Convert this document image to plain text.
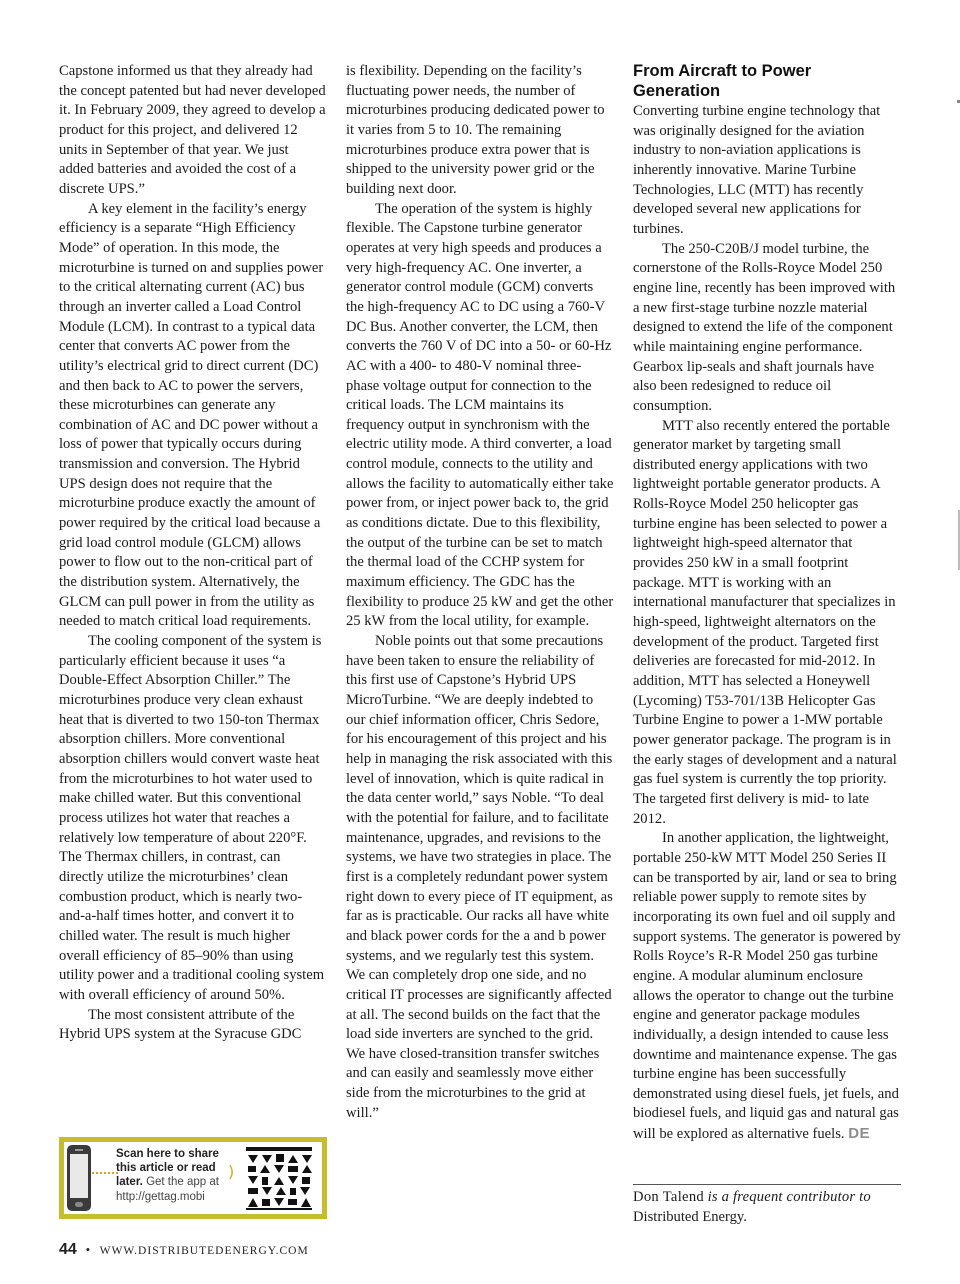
Capstone informed us that they already had the concept patented but had never developed it. In February 2009, they agreed to develop a product for this project, and delivered 12 units in September of that year. We just added batteries and avoided the cost of a discrete UPS.”

A key element in the facility’s energy efficiency is a separate “High Efficiency Mode” of operation. In this mode, the microturbine is turned on and supplies power to the critical alternating current (AC) bus through an inverter called a Load Control Module (LCM). In contrast to a typical data center that converts AC power from the utility’s electrical grid to direct current (DC) and then back to AC to power the servers, these microturbines can generate any combination of AC and DC power without a loss of power that typically occurs during transmission and conversion. The Hybrid UPS design does not require that the microturbine produce exactly the amount of power required by the critical load because a grid load control module (GLCM) allows power to flow out to the non-critical part of the distribution system. Alternatively, the GLCM can pull power in from the utility as needed to match critical load requirements.

The cooling component of the system is particularly efficient because it uses “a Double-Effect Absorption Chiller.” The microturbines produce very clean exhaust heat that is diverted to two 150-ton Thermax absorption chillers. More conventional absorption chillers would convert waste heat from the microturbines to hot water used to make chilled water. But this conventional process utilizes hot water that reaches a relatively low temperature of about 220°F. The Thermax chillers, in contrast, can directly utilize the microturbines’ clean combustion product, which is nearly two-and-a-half times hotter, and convert it to chilled water. The result is much higher overall efficiency of 85–90% than using utility power and a traditional cooling system with overall efficiency of around 50%.

The most consistent attribute of the Hybrid UPS system at the Syracuse GDC

is flexibility. Depending on the facility’s fluctuating power needs, the number of microturbines producing dedicated power to it varies from 5 to 10. The remaining microturbines produce extra power that is shipped to the university power grid or the building next door.

The operation of the system is highly flexible. The Capstone turbine generator operates at very high speeds and produces a very high-frequency AC. One inverter, a generator control module (GCM) converts the high-frequency AC to DC using a 760-V DC Bus. Another converter, the LCM, then converts the 760 V of DC into a 50- or 60-Hz AC with a 400- to 480-V nominal three-phase voltage output for connection to the critical loads. The LCM maintains its frequency output in synchronism with the electric utility mode. A third converter, a load control module, connects to the utility and allows the facility to automatically either take power from, or inject power back to, the grid as conditions dictate. Due to this flexibility, the output of the turbine can be set to match the thermal load of the CCHP system for maximum efficiency. The GDC has the flexibility to produce 25 kW and get the other 25 kW from the local utility, for example.

Noble points out that some precautions have been taken to ensure the reliability of this first use of Capstone’s Hybrid UPS MicroTurbine. “We are deeply indebted to our chief information officer, Chris Sedore, for his encouragement of this project and his help in managing the risk associated with this level of innovation, which is quite radical in the data center world,” says Noble. “To deal with the potential for failure, and to facilitate maintenance, upgrades, and revisions to the systems, we have two strategies in place. The first is a completely redundant power system right down to every piece of IT equipment, as far as is practicable. Our racks all have white and black power cords for the a and b power systems, and we regularly test this system. We can completely drop one side, and no critical IT processes are significantly affected at all. The second builds on the fact that the load side inverters are synched to the grid. We have closed-transition transfer switches and can easily and seamlessly move either side from the microturbines to the grid at will.”

From Aircraft to Power Generation

Converting turbine engine technology that was originally designed for the aviation industry to non-aviation applications is inherently innovative. Marine Turbine Technologies, LLC (MTT) has recently developed several new applications for turbines.

The 250-C20B/J model turbine, the cornerstone of the Rolls-Royce Model 250 engine line, recently has been improved with a new first-stage turbine nozzle material designed to extend the life of the component while maintaining engine performance. Gearbox lip-seals and shaft journals have also been redesigned to reduce oil consumption.

MTT also recently entered the portable generator market by targeting small distributed energy applications with two lightweight portable generator products. A Rolls-Royce Model 250 helicopter gas turbine engine has been selected to power a lightweight high-speed alternator that provides 250 kW in a small footprint package. MTT is working with an international manufacturer that specializes in high-speed, lightweight alternators on the development of the product. Targeted first deliveries are forecasted for mid-2012. In addition, MTT has selected a Honeywell (Lycoming) T53-701/13B Helicopter Gas Turbine Engine to power a 1-MW portable power generator package. The program is in the early stages of development and a natural gas fuel system is currently the top priority. The targeted first delivery is mid- to late 2012.

In another application, the lightweight, portable 250-kW MTT Model 250 Series II can be transported by air, land or sea to bring reliable power supply to remote sites by incorporating its own fuel and oil supply and support systems. The generator is powered by Rolls Royce’s R-R Model 250 gas turbine engine. A modular aluminum enclosure allows the operator to change out the turbine engine and generator package modules individually, a design intended to cause less downtime and maintenance expense. The gas turbine engine has been successfully demonstrated using diesel fuels, jet fuels, and biodiesel fuels, and liquid gas and natural gas will be explored as alternative fuels. DE

Don Talend is a frequent contributor to Distributed Energy.
Scan here to share this article or read later. Get the app at http://gettag.mobi
)
44 • WWW.DISTRIBUTEDENERGY.COM
